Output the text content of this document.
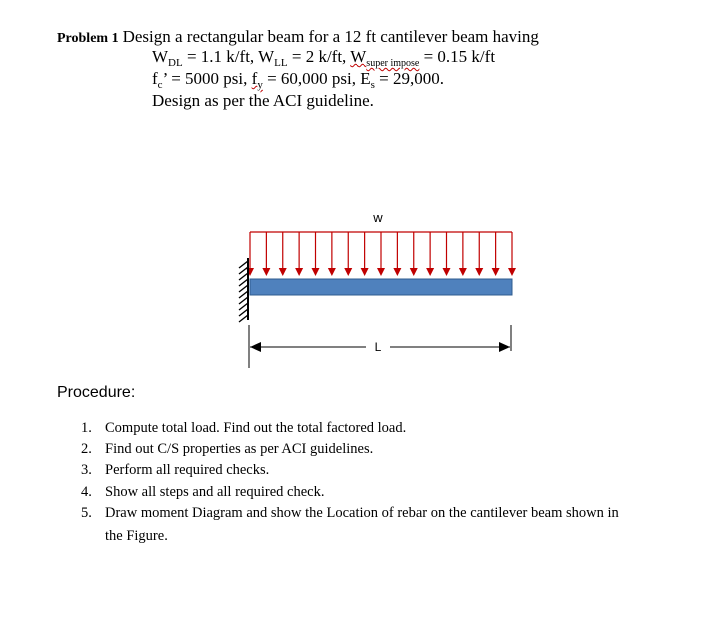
Problem 1 Design a rectangular beam for a 12 ft cantilever beam having
$W_{DL} = 1.1$ k/ft, $W_{LL} = 2$ k/ft, $W_{super impose} = 0.15$ k/ft
$f_c$’ = 5000 psi, $f_y = 60,000$ psi, $E_s = 29,000$.
Design as per the ACI guideline.
w
L
Procedure:
1. Compute total load. Find out the total factored load.
2. Find out C/S properties as per ACI guidelines.
3. Perform all required checks.
4. Show all steps and all required check.
5. Draw moment Diagram and show the Location of rebar on the cantilever beam shown in
the Figure.
